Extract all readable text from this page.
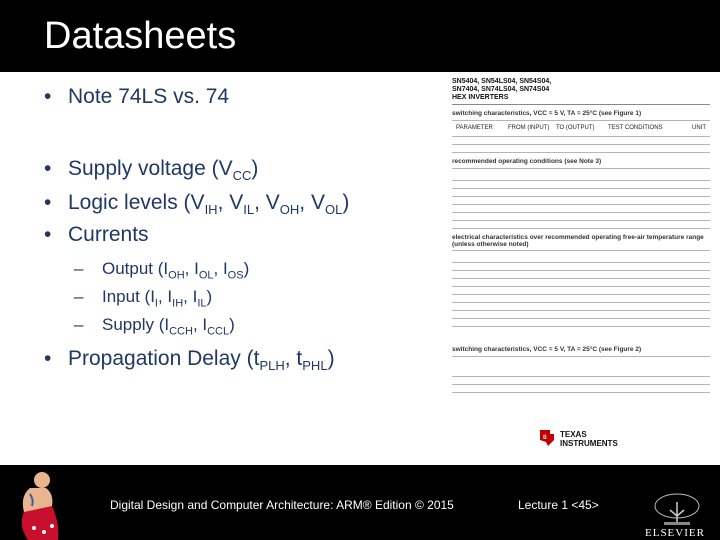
Datasheets
• Note 74LS vs. 74
• Supply voltage $(V_{CC})$
• Logic levels ($V_{IH}$, $V_{IL}$, $V_{OH}$, $V_{OL}$)
• Currents
– Output ($I_{OH}$, $I_{OL}$, $I_{OS}$)
– Input ($I_I$, $I_{IH}$, $I_{IL}$)
– Supply ($I_{CCH}$, $I_{CCL}$)
• Propagation Delay ($t_{PLH}$, $t_{PHL}$)
SN5404, SN54LS04, SN54S04,
SN7404, SN74LS04, SN74S04
HEX INVERTERS
switching characteristics, VCC = 5 V, TA = 25°C (see Figure 1)
PARAMETER	FROM (INPUT) TO (OUTPUT) TEST CONDITIONS	UNIT
recommended operating conditions (see Note 3)
electrical characteristics over recommended operating free-air temperature range (unless otherwise noted)
switching characteristics, VCC = 5 V, TA = 25°C (see Figure 2)
ti TEXAS
INSTRUMENTS
Digital Design and Computer Architecture: ARM® Edition © 2015	Lecture 1 <45>
ELSEVIER
